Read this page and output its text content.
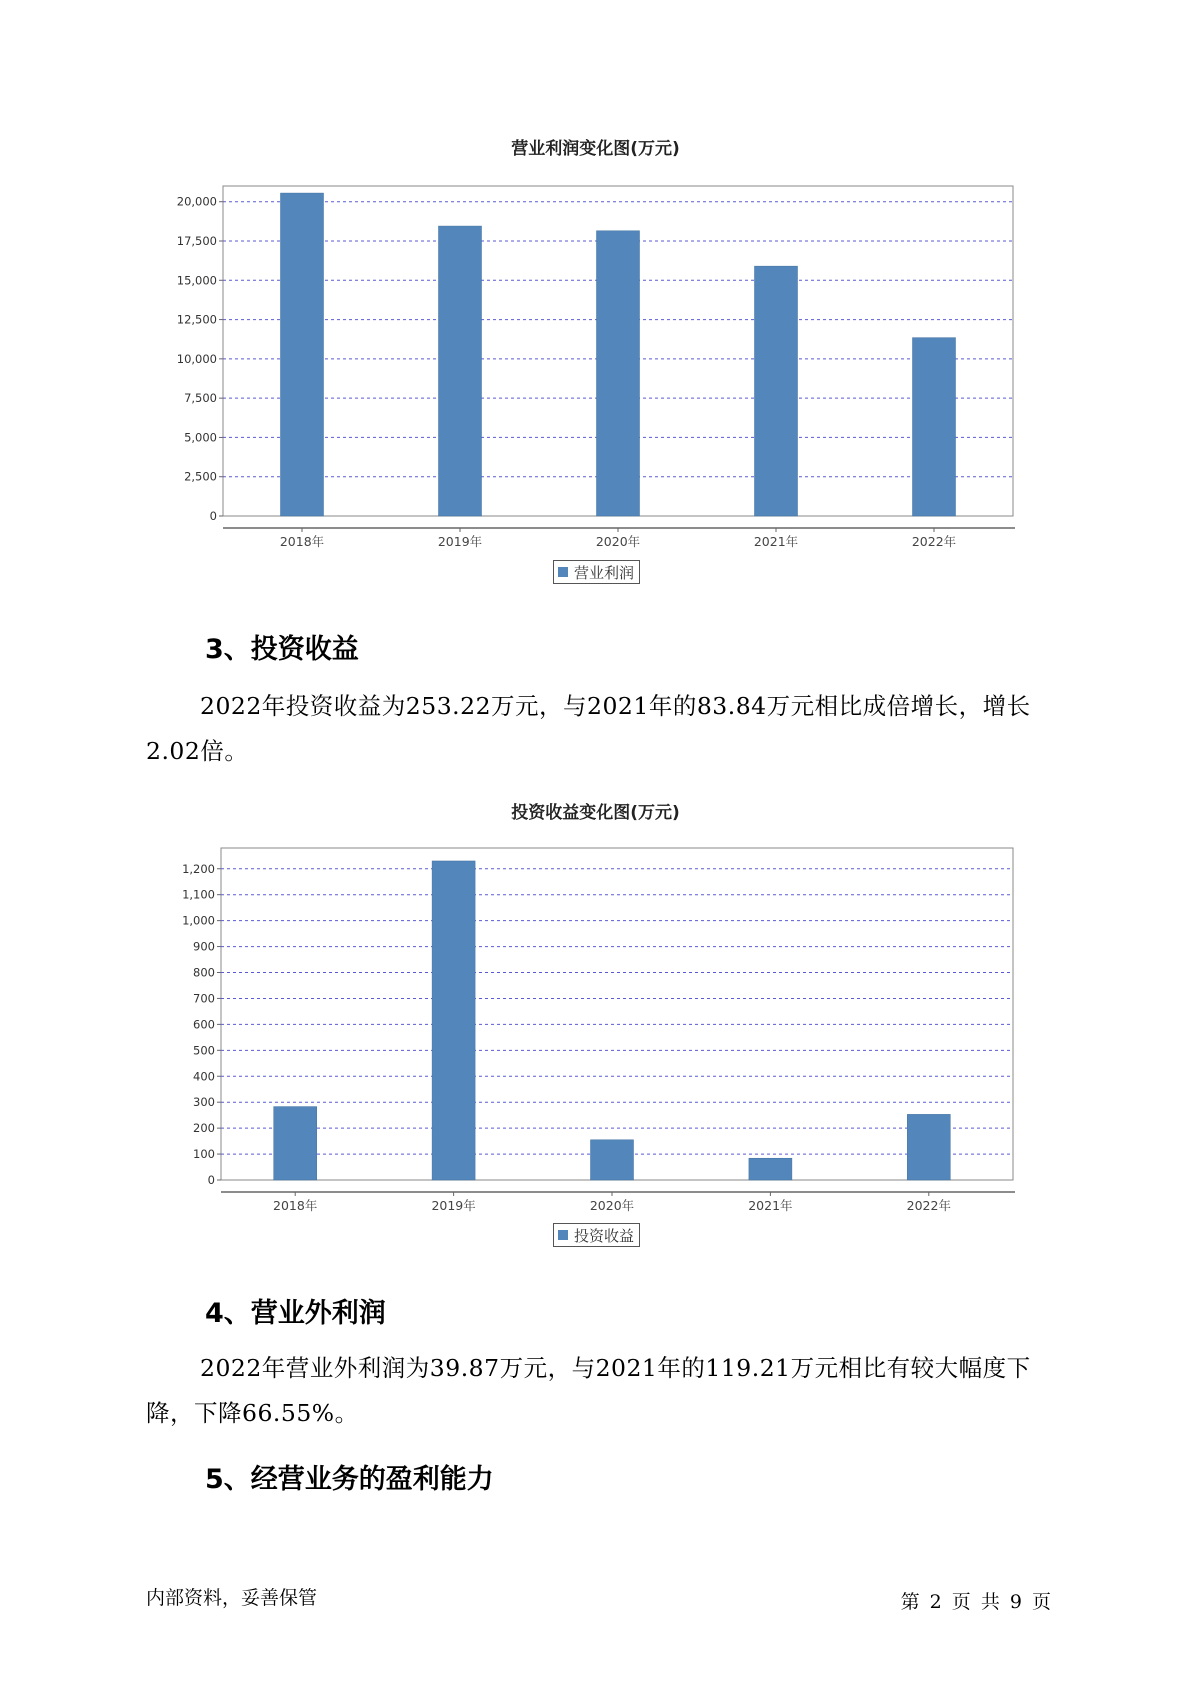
营业利润变化图(万元)
0
2,500
5,000
7,500
10,000
12,500
15,000
17,500
20,000
2018年	2019年	2020年	2021年	2022年
营业利润
3、投资收益

2022年投资收益为253.22万元，与2021年的83.84万元相比成倍增长，增长2.02倍。

投资收益变化图(万元)
0
100
200
300
400
500
600
700
800
900
1,000
1,100
1,200
2018年	2019年	2020年	2021年	2022年
投资收益
4、营业外利润

2022年营业外利润为39.87万元，与2021年的119.21万元相比有较大幅度下降，下降66.55%。

5、经营业务的盈利能力
内部资料，妥善保管	第 2 页 共 9 页
